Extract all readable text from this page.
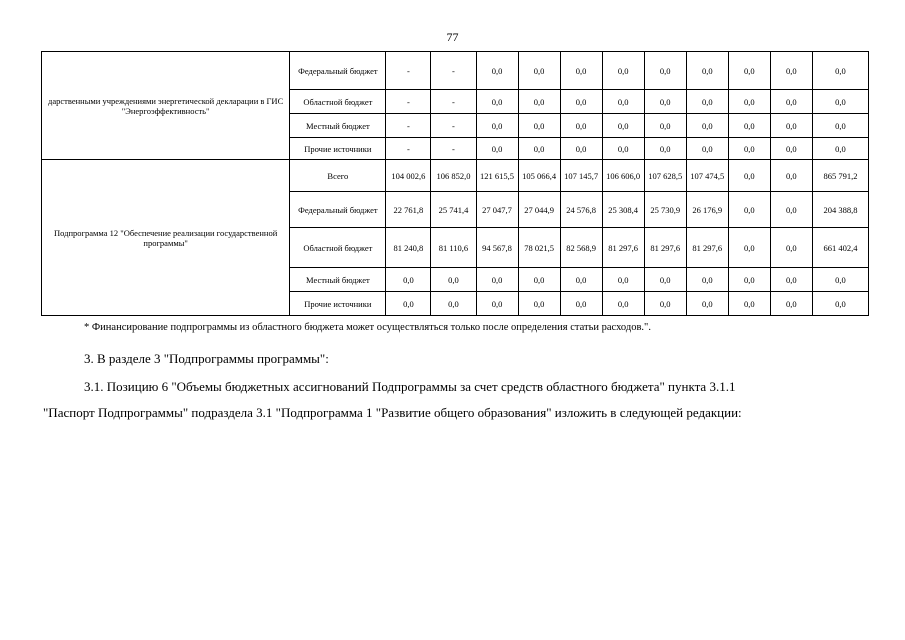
77
дарственными учреждениями энергетической декларации в ГИС "Энергоэффективность"	Федеральный бюджет	-	-	0,0	0,0	0,0	0,0	0,0	0,0	0,0	0,0	0,0
	Областной бюджет	-	-	0,0	0,0	0,0	0,0	0,0	0,0	0,0	0,0	0,0
	Местный бюджет	-	-	0,0	0,0	0,0	0,0	0,0	0,0	0,0	0,0	0,0
	Прочие источники	-	-	0,0	0,0	0,0	0,0	0,0	0,0	0,0	0,0	0,0
Подпрограмма 12 "Обеспечение реализации государственной программы"	Всего	104 002,6	106 852,0	121 615,5	105 066,4	107 145,7	106 606,0	107 628,5	107 474,5	0,0	0,0	865 791,2
	Федеральный бюджет	22 761,8	25 741,4	27 047,7	27 044,9	24 576,8	25 308,4	25 730,9	26 176,9	0,0	0,0	204 388,8
	Областной бюджет	81 240,8	81 110,6	94 567,8	78 021,5	82 568,9	81 297,6	81 297,6	81 297,6	0,0	0,0	661 402,4
	Местный бюджет	0,0	0,0	0,0	0,0	0,0	0,0	0,0	0,0	0,0	0,0	0,0
	Прочие источники	0,0	0,0	0,0	0,0	0,0	0,0	0,0	0,0	0,0	0,0	0,0
* Финансирование подпрограммы из областного бюджета может осуществляться только после определения статьи расходов.".
3. В разделе 3 "Подпрограммы программы":
3.1. Позицию 6 "Объемы бюджетных ассигнований Подпрограммы за счет средств областного бюджета" пункта 3.1.1
"Паспорт Подпрограммы" подраздела 3.1 "Подпрограмма 1 "Развитие общего образования" изложить в следующей редакции:
